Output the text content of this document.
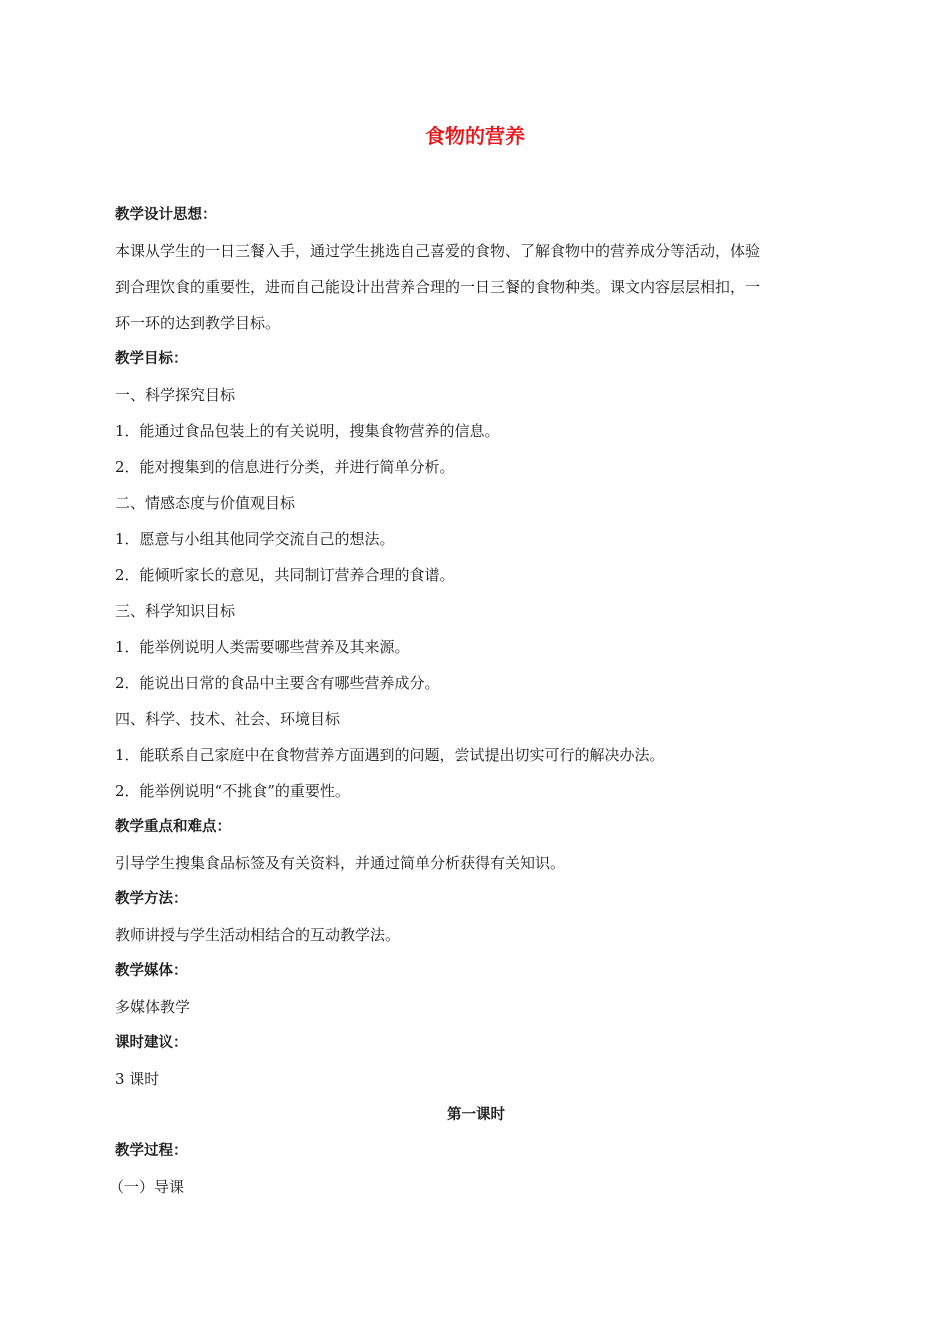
食物的营养
教学设计思想：
本课从学生的一日三餐入手，通过学生挑选自己喜爱的食物、了解食物中的营养成分等活动，体验
到合理饮食的重要性，进而自己能设计出营养合理的一日三餐的食物种类。课文内容层层相扣，一
环一环的达到教学目标。
教学目标：
一、科学探究目标
1．能通过食品包装上的有关说明，搜集食物营养的信息。
2．能对搜集到的信息进行分类，并进行简单分析。
二、情感态度与价值观目标
1．愿意与小组其他同学交流自己的想法。
2．能倾听家长的意见，共同制订营养合理的食谱。
三、科学知识目标
1．能举例说明人类需要哪些营养及其来源。
2．能说出日常的食品中主要含有哪些营养成分。
四、科学、技术、社会、环境目标
1．能联系自己家庭中在食物营养方面遇到的问题，尝试提出切实可行的解决办法。
2．能举例说明“不挑食”的重要性。
教学重点和难点：
引导学生搜集食品标签及有关资料，并通过简单分析获得有关知识。
教学方法：
教师讲授与学生活动相结合的互动教学法。
教学媒体：
多媒体教学
课时建议：
3 课时
第一课时
教学过程：
（一）导课
